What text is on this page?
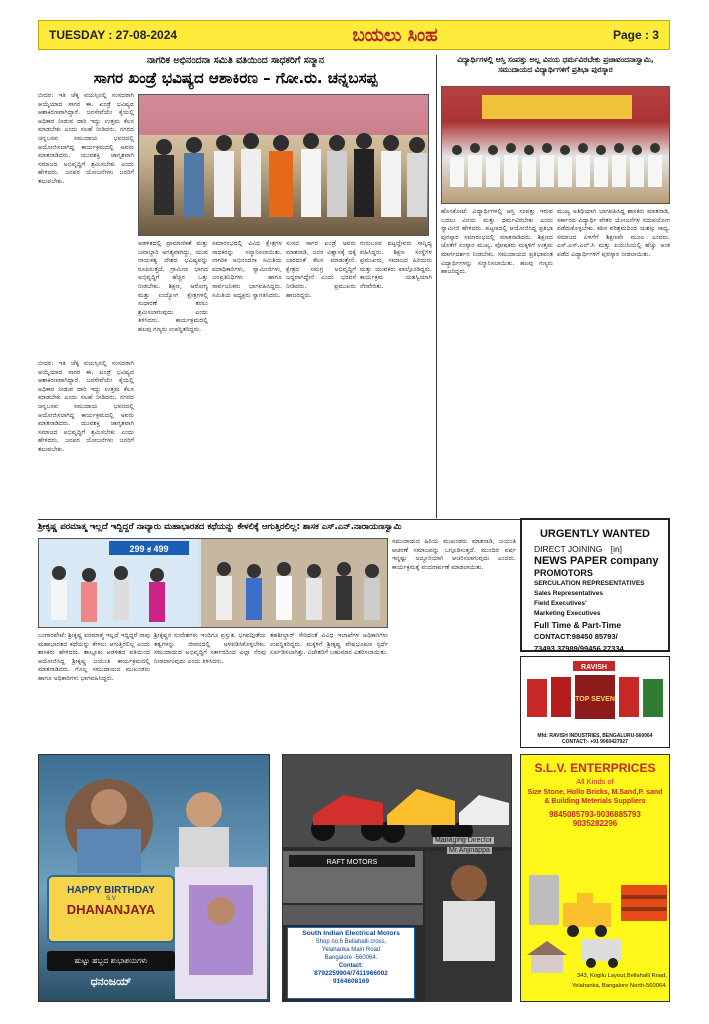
TUESDAY : 27-08-2024	ಬಯಲು ಸಿಂಹ	Page : 3
ನಾಗರಿಕ ಅಭಿನಂದನಾ ಸಮಿತಿ ವತಿಯಿಂದ ಸಾಧಕರಿಗೆ ಸನ್ಮಾನ
ಸಾಗರ ಖಂಡ್ರೆ ಭವಿಷ್ಯದ ಆಶಾಕಿರಣ – ಗೋ.ರು. ಚನ್ನಬಸಪ್ಪ

ಬೀದರ: ಇತಿ ಚೆಕ್ಕ ವಯಸ್ಸಿನಲ್ಲಿ ಸಂಸದರಾಗಿ ಆಯ್ಕೆಯಾದ ಸಾಗರ ಈ. ಖಂಡ್ರೆ ಭವಿಷ್ಯದ ಆಶಾಕಿರಣವಾಗಿದ್ದಾರೆ. ಜನಸೇವೆಯೇ ಕೈಯಲ್ಲಿ ಅಧಿಕಾರ ನೀಡುವ ದಾರಿ ಇದ್ದು ಉತ್ತಮ ಕೆಲಸ ಮಾಡಬೇಕು ಎಂದು ಸಲಹೆ ನೀಡಿದರು. ನಗರದ ಚನ್ನಬಸವ ಸಮುದಾಯ ಭವನದಲ್ಲಿ ಆಯೋಜಿಸಲಾಗಿದ್ದ ಕಾರ್ಯಕ್ರಮದಲ್ಲಿ ಅವರು ಮಾತನಾಡಿದರು. ಯುವಶಕ್ತಿ ಜಾಗೃತವಾಗಿ ಸಮಾಜದ ಅಭಿವೃದ್ಧಿಗೆ ಶ್ರಮಿಸಬೇಕು ಎಂದು ಹೇಳಿದರು. ಜನಪರ ಯೋಜನೆಗಳು ಜನರಿಗೆ ತಲುಪಬೇಕು.

ಆಡಳಿತದಲ್ಲಿ ಪ್ರಾಮಾಣಿಕತೆ ಮತ್ತು ಜವಾಬ್ದಾರಿ ಅಗತ್ಯವಾಗಿದ್ದು, ಯುವ ನಾಯಕತ್ವ ದೇಶದ ಭವಿಷ್ಯವನ್ನು ರೂಪಿಸುತ್ತದೆ. ಗ್ರಾಮೀಣ ಭಾಗದ ಅಭಿವೃದ್ಧಿಗೆ ಹೆಚ್ಚಿನ ಒತ್ತು ನೀಡಬೇಕು. ಶಿಕ್ಷಣ, ಆರೋಗ್ಯ ಮತ್ತು ಉದ್ಯೋಗ ಕ್ಷೇತ್ರಗಳಲ್ಲಿ ಸುಧಾರಣೆ ತರಲು ಶ್ರಮಿಸಲಾಗುವುದು ಎಂದು ತಿಳಿಸಿದರು. ಕಾರ್ಯಕ್ರಮದಲ್ಲಿ ಹಲವು ಗಣ್ಯರು ಉಪಸ್ಥಿತರಿದ್ದರು.

ಸಮಾರಂಭದಲ್ಲಿ ವಿವಿಧ ಕ್ಷೇತ್ರಗಳ ಸಾಧಕರನ್ನು ಸನ್ಮಾನಿಸಲಾಯಿತು. ನಾಗರಿಕ ಅಭಿನಂದನಾ ಸಮಿತಿಯ ಪದಾಧಿಕಾರಿಗಳು, ಸ್ವಾಮೀಜಿಗಳು, ಜನಪ್ರತಿನಿಧಿಗಳು ಹಾಗೂ ಸಾರ್ವಜನಿಕರು ಭಾಗವಹಿಸಿದ್ದರು. ಸಮಿತಿಯ ಅಧ್ಯಕ್ಷರು ಸ್ವಾಗತಿಸಿದರು.

ಸಂಸದ ಸಾಗರ ಖಂಡ್ರೆ ಅವರು ಮಾತನಾಡಿ, ಜನರ ವಿಶ್ವಾಸಕ್ಕೆ ಧಕ್ಕೆ ಬಾರದಂತೆ ಕೆಲಸ ಮಾಡುತ್ತೇನೆ. ಕ್ಷೇತ್ರದ ಸಮಗ್ರ ಅಭಿವೃದ್ಧಿಗೆ ಬದ್ಧನಾಗಿದ್ದೇನೆ ಎಂದು ಭರವಸೆ ನೀಡಿದರು. ಪ್ರಮುಖರು ಹಾಜರಿದ್ದರು.

ಗುರುಬಸವ ಪಟ್ಟದ್ದೇವರು ಸಾನ್ನಿಧ್ಯ ವಹಿಸಿದ್ದರು. ಶಿಕ್ಷಣ ಸಂಸ್ಥೆಗಳ ಪ್ರಮುಖರು, ಸಮಾಜದ ಹಿರಿಯರು ಮತ್ತು ಯುವಕರು ಪಾಲ್ಗೊಂಡಿದ್ದರು. ಕಾರ್ಯಕ್ರಮ ಯಶಸ್ವಿಯಾಗಿ ನೆರವೇರಿತು.

ಬೀದರ: ಇತಿ ಚೆಕ್ಕ ವಯಸ್ಸಿನಲ್ಲಿ ಸಂಸದರಾಗಿ ಆಯ್ಕೆಯಾದ ಸಾಗರ ಈ. ಖಂಡ್ರೆ ಭವಿಷ್ಯದ ಆಶಾಕಿರಣವಾಗಿದ್ದಾರೆ. ಜನಸೇವೆಯೇ ಕೈಯಲ್ಲಿ ಅಧಿಕಾರ ನೀಡುವ ದಾರಿ ಇದ್ದು ಉತ್ತಮ ಕೆಲಸ ಮಾಡಬೇಕು ಎಂದು ಸಲಹೆ ನೀಡಿದರು. ನಗರದ ಚನ್ನಬಸವ ಸಮುದಾಯ ಭವನದಲ್ಲಿ ಆಯೋಜಿಸಲಾಗಿದ್ದ ಕಾರ್ಯಕ್ರಮದಲ್ಲಿ ಅವರು ಮಾತನಾಡಿದರು. ಯುವಶಕ್ತಿ ಜಾಗೃತವಾಗಿ ಸಮಾಜದ ಅಭಿವೃದ್ಧಿಗೆ ಶ್ರಮಿಸಬೇಕು ಎಂದು ಹೇಳಿದರು. ಜನಪರ ಯೋಜನೆಗಳು ಜನರಿಗೆ ತಲುಪಬೇಕು.

ವಿದ್ಯಾರ್ಥಿಗಳಲ್ಲಿ ಆಸ್ತಿ ಸಂಪತ್ತು ಅಲ್ಲ ವಿನಯ ಧರ್ಮವಿರಬೇಕು ಪ್ರಜಾವಂದನಾಸ್ವಾಮಿ, ಸಮುದಾಯದ ವಿದ್ಯಾರ್ಥಿಗಳಿಗೆ ಪ್ರತಿಭಾ ಪುರಸ್ಕಾರ

ಹೊಸಕೋಟೆ: ವಿದ್ಯಾರ್ಥಿಗಳಲ್ಲಿ ಆಸ್ತಿ ಸಂಪತ್ತು ಇರುವ ಬದಲು ವಿನಯ ಮತ್ತು ಧರ್ಮವಿರಬೇಕು ಎಂದು ಸ್ವಾಮೀಜಿ ಹೇಳಿದರು. ಪಟ್ಟಣದಲ್ಲಿ ಆಯೋಜಿಸಿದ್ದ ಪ್ರತಿಭಾ ಪುರಸ್ಕಾರ ಸಮಾರಂಭದಲ್ಲಿ ಮಾತನಾಡಿದರು. ಶಿಕ್ಷಣದ ಜೊತೆಗೆ ಸಂಸ್ಕಾರ ಮುಖ್ಯ. ಪೋಷಕರು ಮಕ್ಕಳಿಗೆ ಉತ್ತಮ ಮಾರ್ಗದರ್ಶನ ನೀಡಬೇಕು. ಸಮುದಾಯದ ಪ್ರತಿಭಾವಂತ ವಿದ್ಯಾರ್ಥಿಗಳನ್ನು ಸನ್ಮಾನಿಸಲಾಯಿತು. ಹಲವು ಗಣ್ಯರು ಹಾಜರಿದ್ದರು.

ಮುಖ್ಯ ಅತಿಥಿಯಾಗಿ ಭಾಗವಹಿಸಿದ್ದ ಶಾಸಕರು ಮಾತನಾಡಿ, ಸರ್ಕಾರದ ವಿದ್ಯಾರ್ಥಿ ವೇತನ ಯೋಜನೆಗಳ ಸದುಪಯೋಗ ಪಡೆದುಕೊಳ್ಳಬೇಕು. ಕಠಿಣ ಪರಿಶ್ರಮದಿಂದ ಯಶಸ್ಸು ಸಾಧ್ಯ. ಸಮಾಜದ ಏಳಿಗೆಗೆ ಶಿಕ್ಷಣವೇ ಮೂಲ ಎಂದರು. ಎಸ್.ಎಸ್.ಎಲ್.ಸಿ ಮತ್ತು ಪಿಯುಸಿಯಲ್ಲಿ ಹೆಚ್ಚು ಅಂಕ ಪಡೆದ ವಿದ್ಯಾರ್ಥಿಗಳಿಗೆ ಪುರಸ್ಕಾರ ನೀಡಲಾಯಿತು.

ಶ್ರೀಕೃಷ್ಣ ಪರಮಾತ್ಮ ಇಲ್ಲದೆ ಇದ್ದಿದ್ದರೆ ನಾವ್ಯಾರು ಮಹಾಭಾರತದ ಕಥೆಯನ್ನು ಕೇಳಲಿಕ್ಕೆ ಆಗುತ್ತಿರಲಿಲ್ಲ: ಶಾಸಕ ಎಸ್.ಎನ್.ನಾರಾಯಣಸ್ವಾಮಿ
299 ಕ 499

ಸಮುದಾಯದ ಹಿರಿಯ ಮುಖಂಡರು ಮಾತನಾಡಿ, ಜಯಂತಿ ಆಚರಣೆ ಸಮಾಜವನ್ನು ಒಗ್ಗೂಡಿಸುತ್ತದೆ. ಮುಂದಿನ ವರ್ಷ ಇನ್ನಷ್ಟು ಅದ್ದೂರಿಯಾಗಿ ಆಚರಿಸಲಾಗುವುದು ಎಂದರು. ಕಾರ್ಯಕ್ರಮಕ್ಕೆ ವಂದನಾರ್ಪಣೆ ಮಾಡಲಾಯಿತು.

ಬಂಗಾರಪೇಟೆ: ಶ್ರೀಕೃಷ್ಣ ಪರಮಾತ್ಮ ಇಲ್ಲದೆ ಇದ್ದಿದ್ದರೆ ನಾವು ಮಹಾಭಾರತದ ಕಥೆಯನ್ನು ಕೇಳಲು ಆಗುತ್ತಿರಲಿಲ್ಲ ಎಂದು ಶಾಸಕರು ಹೇಳಿದರು. ತಾಲ್ಲೂಕು ಆಡಳಿತದ ವತಿಯಿಂದ ಆಯೋಜಿಸಿದ್ದ ಶ್ರೀಕೃಷ್ಣ ಜಯಂತಿ ಕಾರ್ಯಕ್ರಮದಲ್ಲಿ ಮಾತನಾಡಿದರು. ಗೊಲ್ಲ ಸಮುದಾಯದ ಮುಖಂಡರು ಹಾಗೂ ಅಧಿಕಾರಿಗಳು ಭಾಗವಹಿಸಿದ್ದರು.

ಶ್ರೀಕೃಷ್ಣನ ಸಂದೇಶಗಳು ಇಂದಿಗೂ ಪ್ರಸ್ತುತ. ಭಗವದ್ಗೀತೆಯ ತತ್ವಗಳನ್ನು ಜೀವನದಲ್ಲಿ ಅಳವಡಿಸಿಕೊಳ್ಳಬೇಕು. ಸಮುದಾಯದ ಅಭಿವೃದ್ಧಿಗೆ ಸರ್ಕಾರದಿಂದ ಎಲ್ಲಾ ನೆರವು ನೀಡಲಾಗುವುದು ಎಂದು ತಿಳಿಸಿದರು.

ತಹಶೀಲ್ದಾರ್ ಸೇರಿದಂತೆ ವಿವಿಧ ಇಲಾಖೆಗಳ ಅಧಿಕಾರಿಗಳು ಉಪಸ್ಥಿತರಿದ್ದರು. ಮಕ್ಕಳಿಗೆ ಶ್ರೀಕೃಷ್ಣ ವೇಷಭೂಷಣ ಸ್ಪರ್ಧೆ ಏರ್ಪಡಿಸಲಾಗಿತ್ತು. ವಿಜೇತರಿಗೆ ಬಹುಮಾನ ವಿತರಿಸಲಾಯಿತು.

URGENTLY WANTED
DIRECT JOINING [in]
NEWS PAPER company
PROMOTORS
SERCULATION REPRESENTATIVES
Sales Representatives
Field Executives'
Marketing Executives
Full Time & Part-Time
CONTACT:98450 85793/
73493 37989/99456 27334
RAVISH
TOP SEVEN
Mfd: RAVISH INDUSTRIES, BENGALURU-560064
CONTACT:- +91 9060427927
HAPPY BIRTHDAY
S.V
DHANANJAYA
ಹುಟ್ಟು ಹಬ್ಬದ ಶುಭಾಶಯಗಳು
ಧನಂಜಯ್
RAFT MOTORS
Managing Director
Mr.Anjinappa
South Indian Electrical Motors
Shop no:6 Bellahalli cross,
Yelahanka Main Road
Bangalore -560064.
Contact:
8792259904/7411966002
9164608169
S.L.V. ENTERPRICES
All Kinds of
Size Stone, Hollo Bricks, M.Sand,P. sand
& Building Meterials Suppliers
9845085793-9036885793
9035282296
343, Kogilu Layout,Bellahalli Road,
Yelahanka, Bangalore North-560064.
